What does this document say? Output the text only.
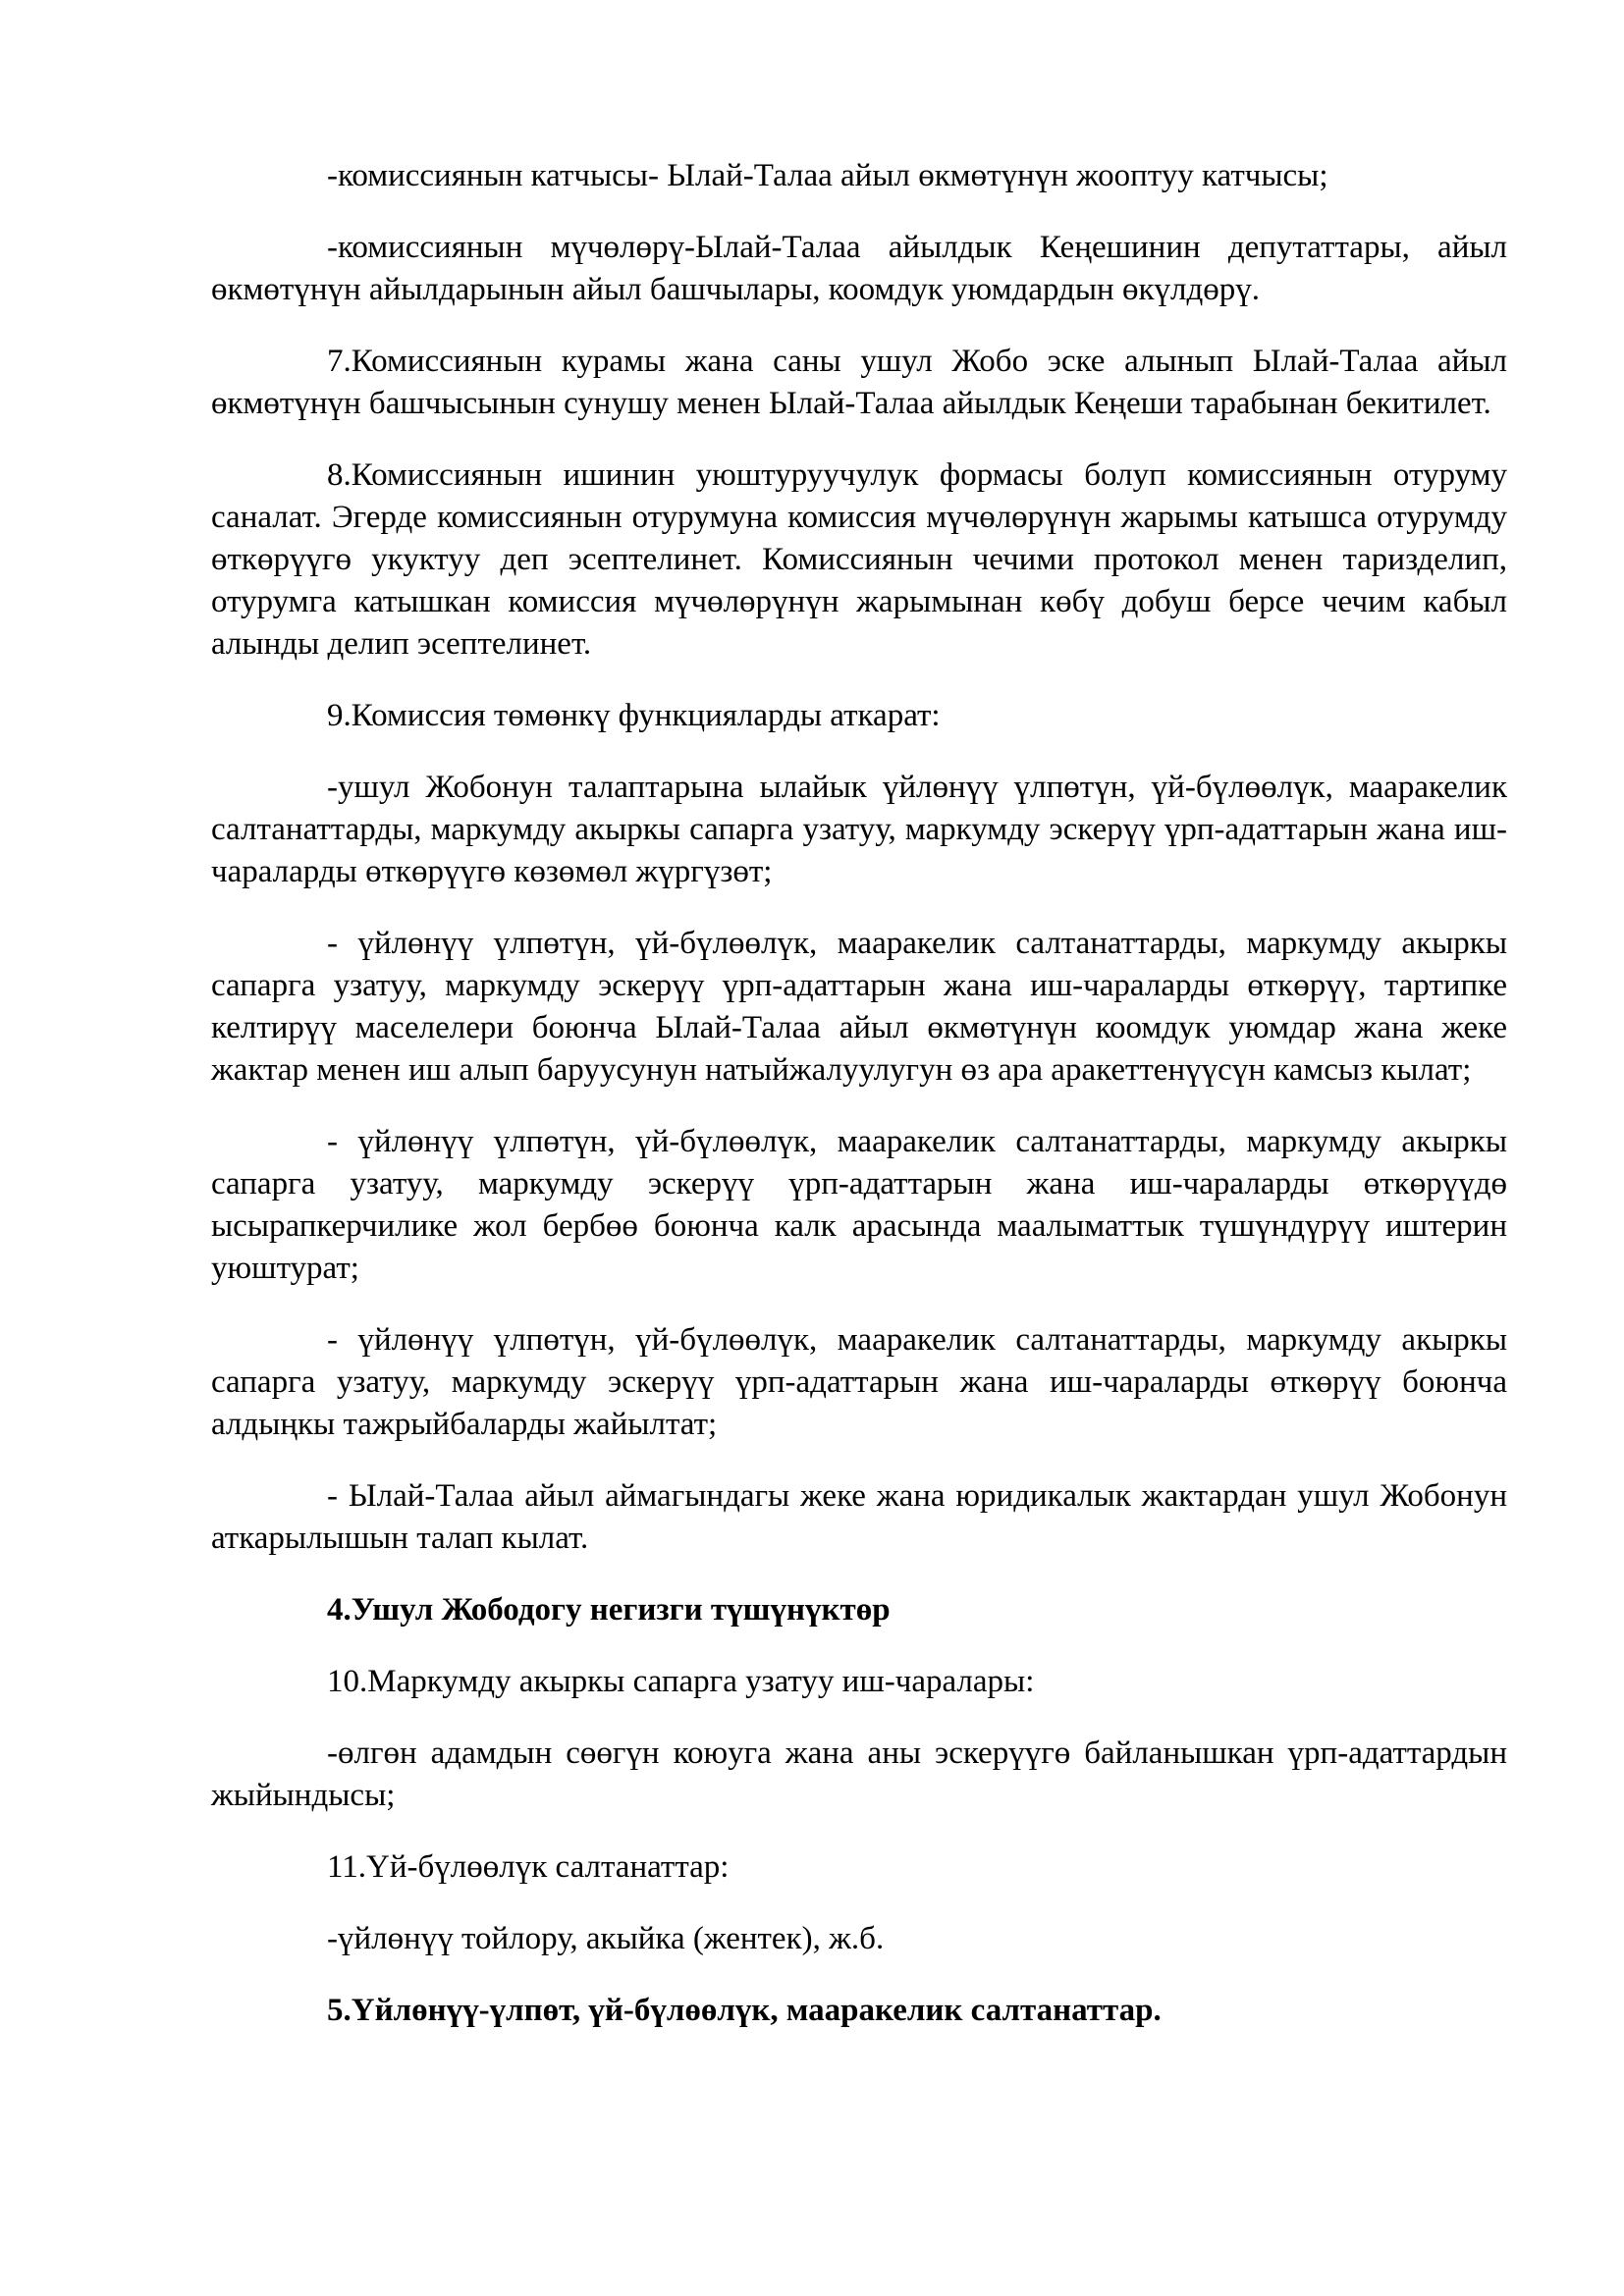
-комиссиянын катчысы- Ылай-Талаа айыл өкмөтүнүн жооптуу катчысы;

-комиссиянын мүчөлөрү-Ылай-Талаа айылдык Кеңешинин депутаттары, айыл өкмөтүнүн айылдарынын айыл башчылары, коомдук уюмдардын өкүлдөрү.

7.Комиссиянын курамы жана саны ушул Жобо эске алынып Ылай-Талаа айыл өкмөтүнүн башчысынын сунушу менен Ылай-Талаа айылдык Кеңеши тарабынан бекитилет.

8.Комиссиянын ишинин уюштуруучулук формасы болуп комиссиянын отуруму саналат. Эгерде комиссиянын отурумуна комиссия мүчөлөрүнүн жарымы катышса отурумду өткөрүүгө укуктуу деп эсептелинет. Комиссиянын чечими протокол менен таризделип, отурумга катышкан комиссия мүчөлөрүнүн жарымынан көбү добуш берсе чечим кабыл алынды делип эсептелинет.

9.Комиссия төмөнкү функцияларды аткарат:

-ушул Жобонун талаптарына ылайык үйлөнүү үлпөтүн, үй-бүлөөлүк, мааракелик салтанаттарды, маркумду акыркы сапарга узатуу, маркумду эскерүү үрп-адаттарын жана иш-чараларды өткөрүүгө көзөмөл жүргүзөт;

- үйлөнүү үлпөтүн, үй-бүлөөлүк, мааракелик салтанаттарды, маркумду акыркы сапарга узатуу, маркумду эскерүү үрп-адаттарын жана иш-чараларды өткөрүү, тартипке келтирүү маселелери боюнча Ылай-Талаа айыл өкмөтүнүн коомдук уюмдар жана жеке жактар менен иш алып баруусунун натыйжалуулугун өз ара аракеттенүүсүн камсыз кылат;

- үйлөнүү үлпөтүн, үй-бүлөөлүк, мааракелик салтанаттарды, маркумду акыркы сапарга узатуу, маркумду эскерүү үрп-адаттарын жана иш-чараларды өткөрүүдө ысырапкерчилике жол бербөө боюнча калк арасында маалыматтык түшүндүрүү иштерин уюштурат;

- үйлөнүү үлпөтүн, үй-бүлөөлүк, мааракелик салтанаттарды, маркумду акыркы сапарга узатуу, маркумду эскерүү үрп-адаттарын жана иш-чараларды өткөрүү боюнча алдыңкы тажрыйбаларды жайылтат;

- Ылай-Талаа айыл аймагындагы жеке жана юридикалык жактардан ушул Жобонун аткарылышын талап кылат.

4.Ушул Жободогу негизги түшүнүктөр

10.Маркумду акыркы сапарга узатуу иш-чаралары:

-өлгөн адамдын сөөгүн коюуга жана аны эскерүүгө байланышкан үрп-адаттардын жыйындысы;

11.Үй-бүлөөлүк салтанаттар:

-үйлөнүү тойлору, акыйка (жентек), ж.б.

5.Үйлөнүү-үлпөт, үй-бүлөөлүк, мааракелик салтанаттар.
